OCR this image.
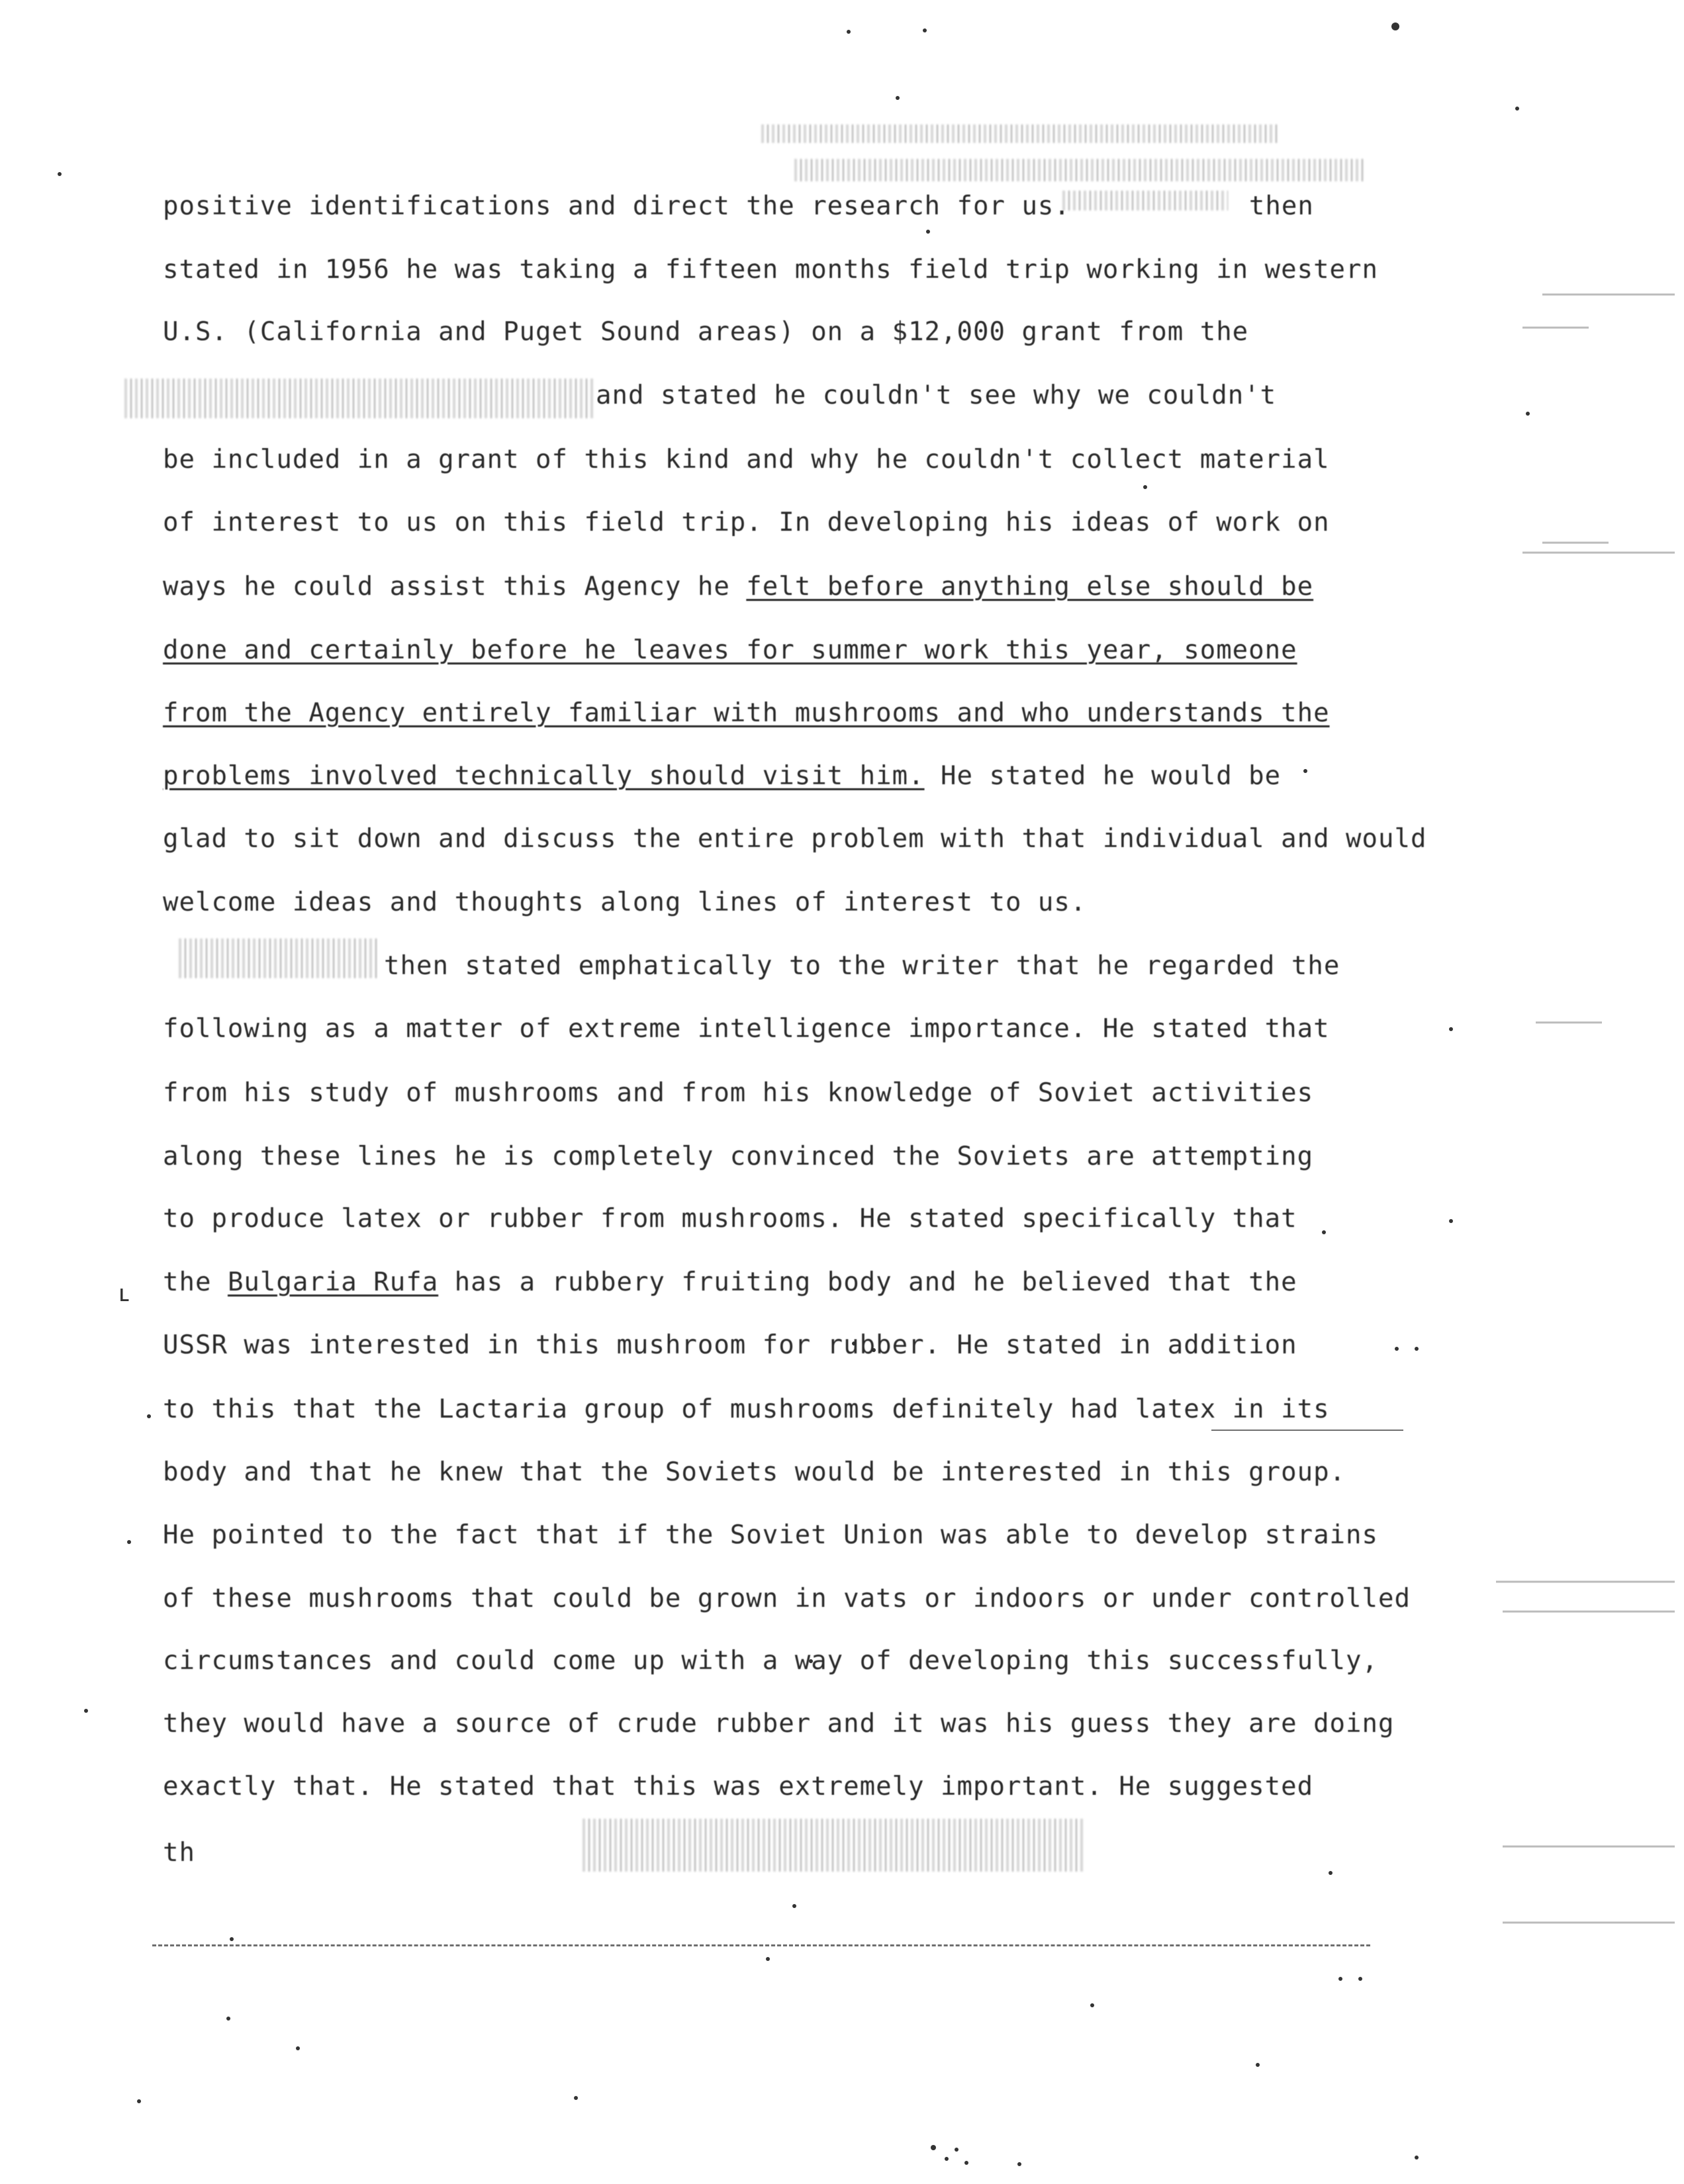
positive identifications and direct the research for us.	then
stated in 1956 he was taking a fifteen months field trip working in western
U.S. (California and Puget Sound areas) on a $12,000 grant from the
and stated he couldn't see why we couldn't
be included in a grant of this kind and why he couldn't collect material
of interest to us on this field trip. In developing his ideas of work on
ways he could assist this Agency he felt before anything else should be
done and certainly before he leaves for summer work this year, someone
from the Agency entirely familiar with mushrooms and who understands the
problems involved technically should visit him. He stated he would be
glad to sit down and discuss the entire problem with that individual and would
welcome ideas and thoughts along lines of interest to us.
then stated emphatically to the writer that he regarded the
following as a matter of extreme intelligence importance. He stated that
from his study of mushrooms and from his knowledge of Soviet activities
along these lines he is completely convinced the Soviets are attempting
to produce latex or rubber from mushrooms. He stated specifically that
the Bulgaria Rufa has a rubbery fruiting body and he believed that the
USSR was interested in this mushroom for rubber. He stated in addition
to this that the Lactaria group of mushrooms definitely had latex in its
body and that he knew that the Soviets would be interested in this group.
He pointed to the fact that if the Soviet Union was able to develop strains
of these mushrooms that could be grown in vats or indoors or under controlled
circumstances and could come up with a way of developing this successfully,
they would have a source of crude rubber and it was his guess they are doing
exactly that. He stated that this was extremely important. He suggested
th
ʟ
